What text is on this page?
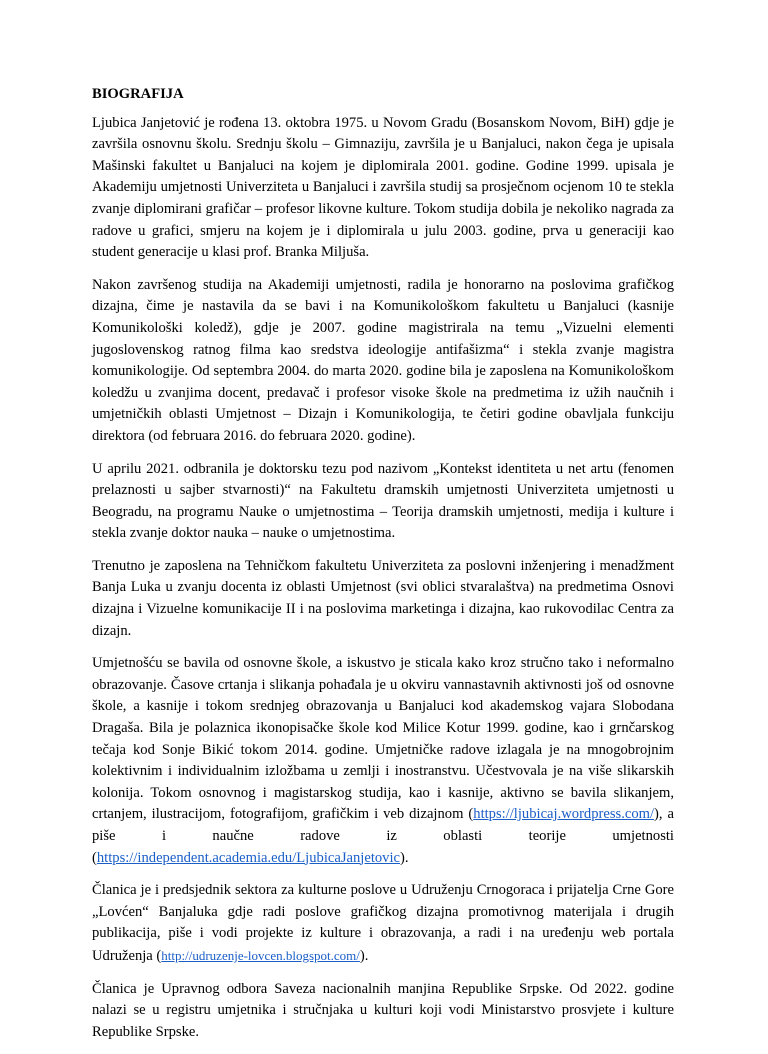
BIOGRAFIJA

Ljubica Janjetović je rođena 13. oktobra 1975. u Novom Gradu (Bosanskom Novom, BiH) gdje je završila osnovnu školu. Srednju školu – Gimnaziju, završila je u Banjaluci, nakon čega je upisala Mašinski fakultet u Banjaluci na kojem je diplomirala 2001. godine. Godine 1999. upisala je Akademiju umjetnosti Univerziteta u Banjaluci i završila studij sa prosječnom ocjenom 10 te stekla zvanje diplomirani grafičar – profesor likovne kulture. Tokom studija dobila je nekoliko nagrada za radove u grafici, smjeru na kojem je i diplomirala u julu 2003. godine, prva u generaciji kao student generacije u klasi prof. Branka Miljuša.

Nakon završenog studija na Akademiji umjetnosti, radila je honorarno na poslovima grafičkog dizajna, čime je nastavila da se bavi i na Komunikološkom fakultetu u Banjaluci (kasnije Komunikološki koledž), gdje je 2007. godine magistrirala na temu „Vizuelni elementi jugoslovenskog ratnog filma kao sredstva ideologije antifašizma“ i stekla zvanje magistra komunikologije. Od septembra 2004. do marta 2020. godine bila je zaposlena na Komunikološkom koledžu u zvanjima docent, predavač i profesor visoke škole na predmetima iz užih naučnih i umjetničkih oblasti Umjetnost – Dizajn i Komunikologija, te četiri godine obavljala funkciju direktora (od februara 2016. do februara 2020. godine).

U aprilu 2021. odbranila je doktorsku tezu pod nazivom „Kontekst identiteta u net artu (fenomen prelaznosti u sajber stvarnosti)“ na Fakultetu dramskih umjetnosti Univerziteta umjetnosti u Beogradu, na programu Nauke o umjetnostima – Teorija dramskih umjetnosti, medija i kulture i stekla zvanje doktor nauka – nauke o umjetnostima.

Trenutno je zaposlena na Tehničkom fakultetu Univerziteta za poslovni inženjering i menadžment Banja Luka u zvanju docenta iz oblasti Umjetnost (svi oblici stvaralaštva) na predmetima Osnovi dizajna i Vizuelne komunikacije II i na poslovima marketinga i dizajna, kao rukovodilac Centra za dizajn.

Umjetnošću se bavila od osnovne škole, a iskustvo je sticala kako kroz stručno tako i neformalno obrazovanje. Časove crtanja i slikanja pohađala je u okviru vannastavnih aktivnosti još od osnovne škole, a kasnije i tokom srednjeg obrazovanja u Banjaluci kod akademskog vajara Slobodana Dragaša. Bila je polaznica ikonopisačke škole kod Milice Kotur 1999. godine, kao i grnčarskog tečaja kod Sonje Bikić tokom 2014. godine. Umjetničke radove izlagala je na mnogobrojnim kolektivnim i individualnim izložbama u zemlji i inostranstvu. Učestvovala je na više slikarskih kolonija. Tokom osnovnog i magistarskog studija, kao i kasnije, aktivno se bavila slikanjem, crtanjem, ilustracijom, fotografijom, grafičkim i veb dizajnom (https://ljubicaj.wordpress.com/), a piše i naučne radove iz oblasti teorije umjetnosti (https://independent.academia.edu/LjubicaJanjetovic).

Članica je i predsjednik sektora za kulturne poslove u Udruženju Crnogoraca i prijatelja Crne Gore „Lovćen“ Banjaluka gdje radi poslove grafičkog dizajna promotivnog materijala i drugih publikacija, piše i vodi projekte iz kulture i obrazovanja, a radi i na uređenju web portala Udruženja (http://udruzenje-lovcen.blogspot.com/).

Članica je Upravnog odbora Saveza nacionalnih manjina Republike Srpske. Od 2022. godine nalazi se u registru umjetnika i stručnjaka u kulturi koji vodi Ministarstvo prosvjete i kulture Republike Srpske.
